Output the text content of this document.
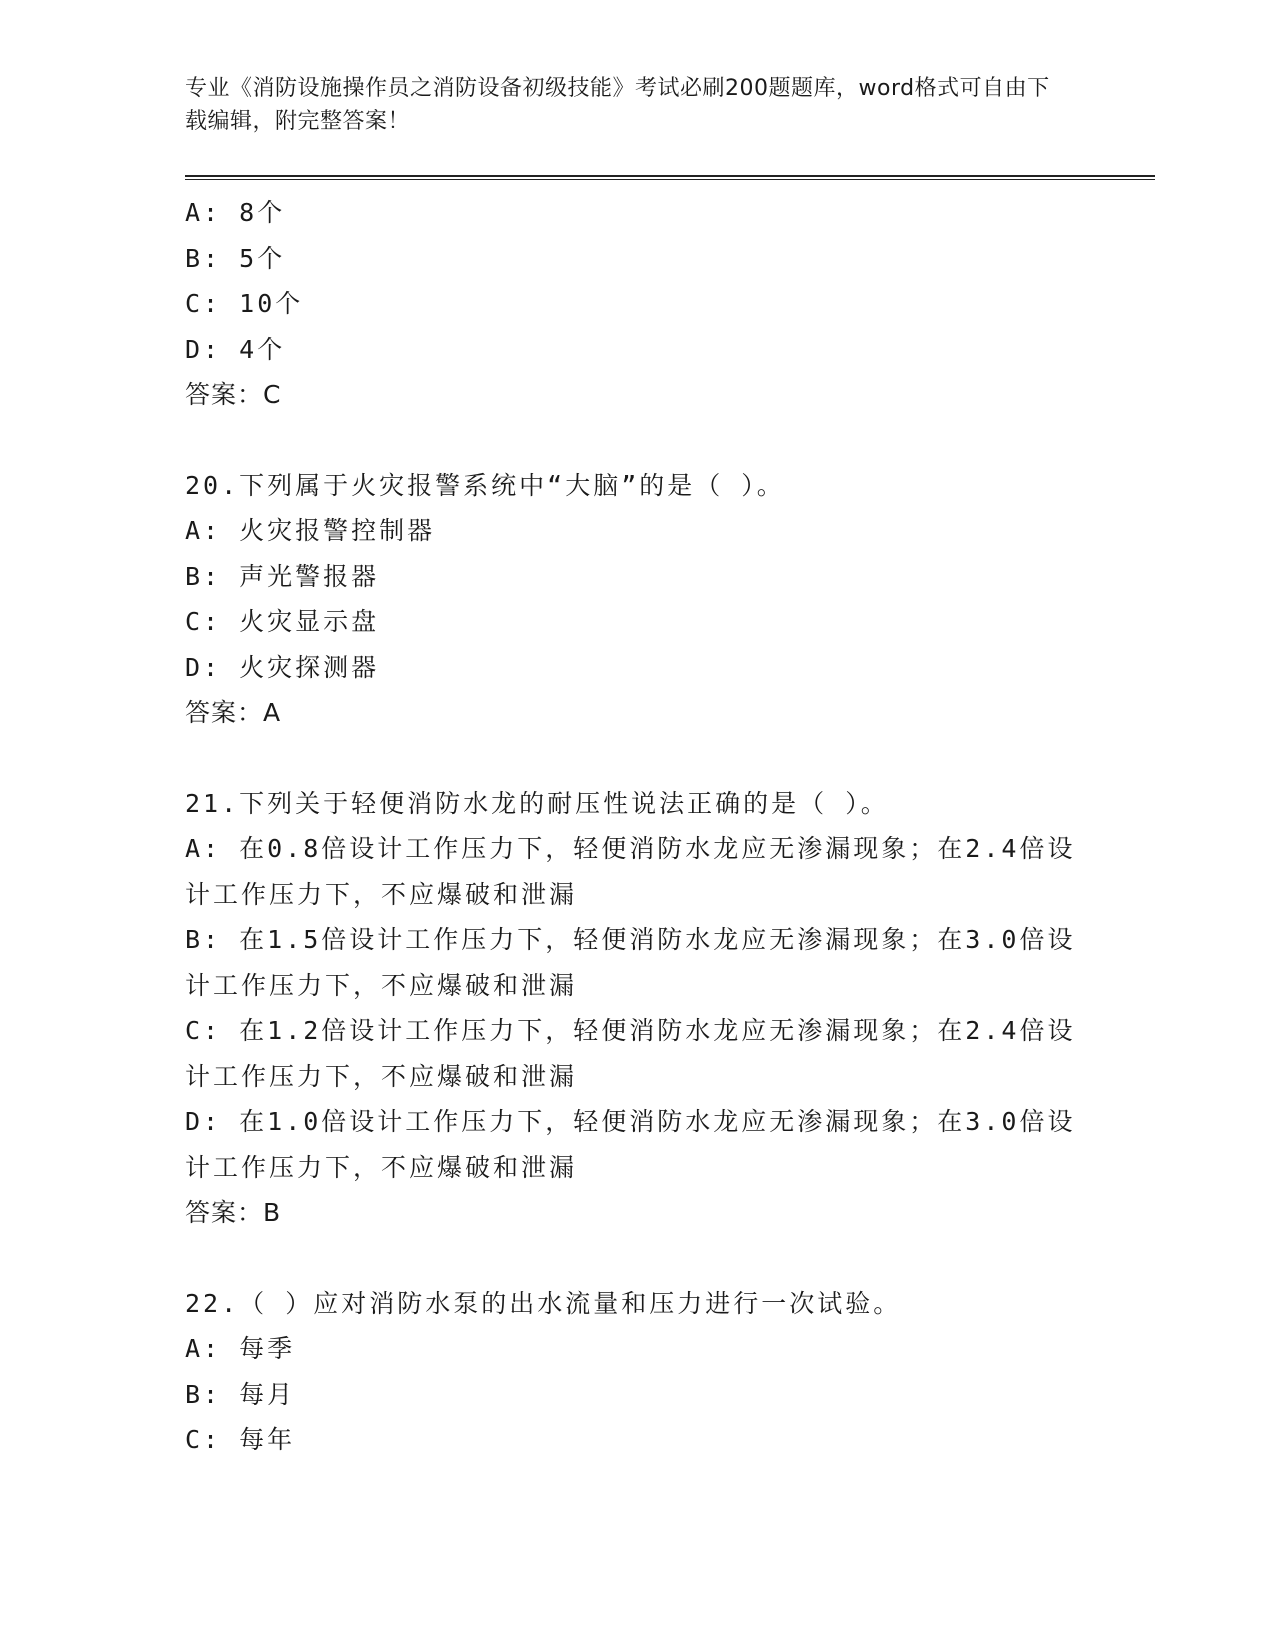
专业《消防设施操作员之消防设备初级技能》考试必刷200题题库，word格式可自由下载编辑，附完整答案！
A: 8个
B: 5个
C: 10个
D: 4个
答案：C
20.下列属于火灾报警系统中“大脑”的是（ ）。
A: 火灾报警控制器
B: 声光警报器
C: 火灾显示盘
D: 火灾探测器
答案：A
21.下列关于轻便消防水龙的耐压性说法正确的是（ ）。
A: 在0.8倍设计工作压力下，轻便消防水龙应无渗漏现象；在2.4倍设计工作压力下，不应爆破和泄漏
B: 在1.5倍设计工作压力下，轻便消防水龙应无渗漏现象；在3.0倍设计工作压力下，不应爆破和泄漏
C: 在1.2倍设计工作压力下，轻便消防水龙应无渗漏现象；在2.4倍设计工作压力下，不应爆破和泄漏
D: 在1.0倍设计工作压力下，轻便消防水龙应无渗漏现象；在3.0倍设计工作压力下，不应爆破和泄漏
答案：B
22.（ ）应对消防水泵的出水流量和压力进行一次试验。
A: 每季
B: 每月
C: 每年
